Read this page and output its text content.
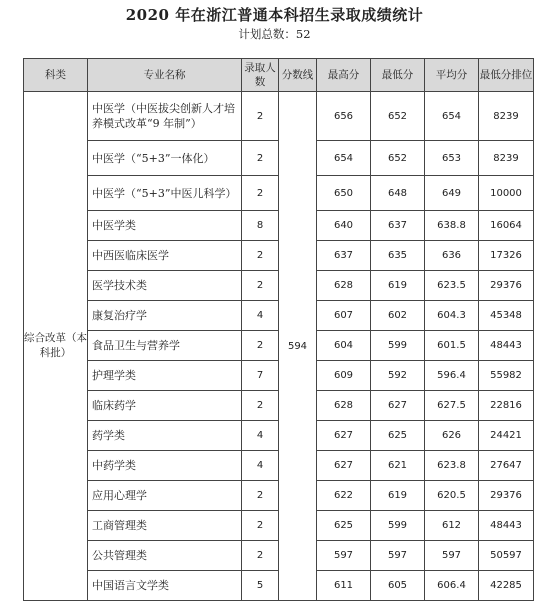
2020 年在浙江普通本科招生录取成绩统计
计划总数：52
科类	专业名称	录取人数	分数线	最高分	最低分	平均分	最低分排位
综合改革（本科批）	中医学（中医拔尖创新人才培养模式改革“9 年制”）	2	594	656	652	654	8239
	中医学（“5+3”一体化）	2		654	652	653	8239
	中医学（“5+3”中医儿科学）	2		650	648	649	10000
	中医学类	8		640	637	638.8	16064
	中西医临床医学	2		637	635	636	17326
	医学技术类	2		628	619	623.5	29376
	康复治疗学	4		607	602	604.3	45348
	食品卫生与营养学	2		604	599	601.5	48443
	护理学类	7		609	592	596.4	55982
	临床药学	2		628	627	627.5	22816
	药学类	4		627	625	626	24421
	中药学类	4		627	621	623.8	27647
	应用心理学	2		622	619	620.5	29376
	工商管理类	2		625	599	612	48443
	公共管理类	2		597	597	597	50597
	中国语言文学类	5		611	605	606.4	42285
